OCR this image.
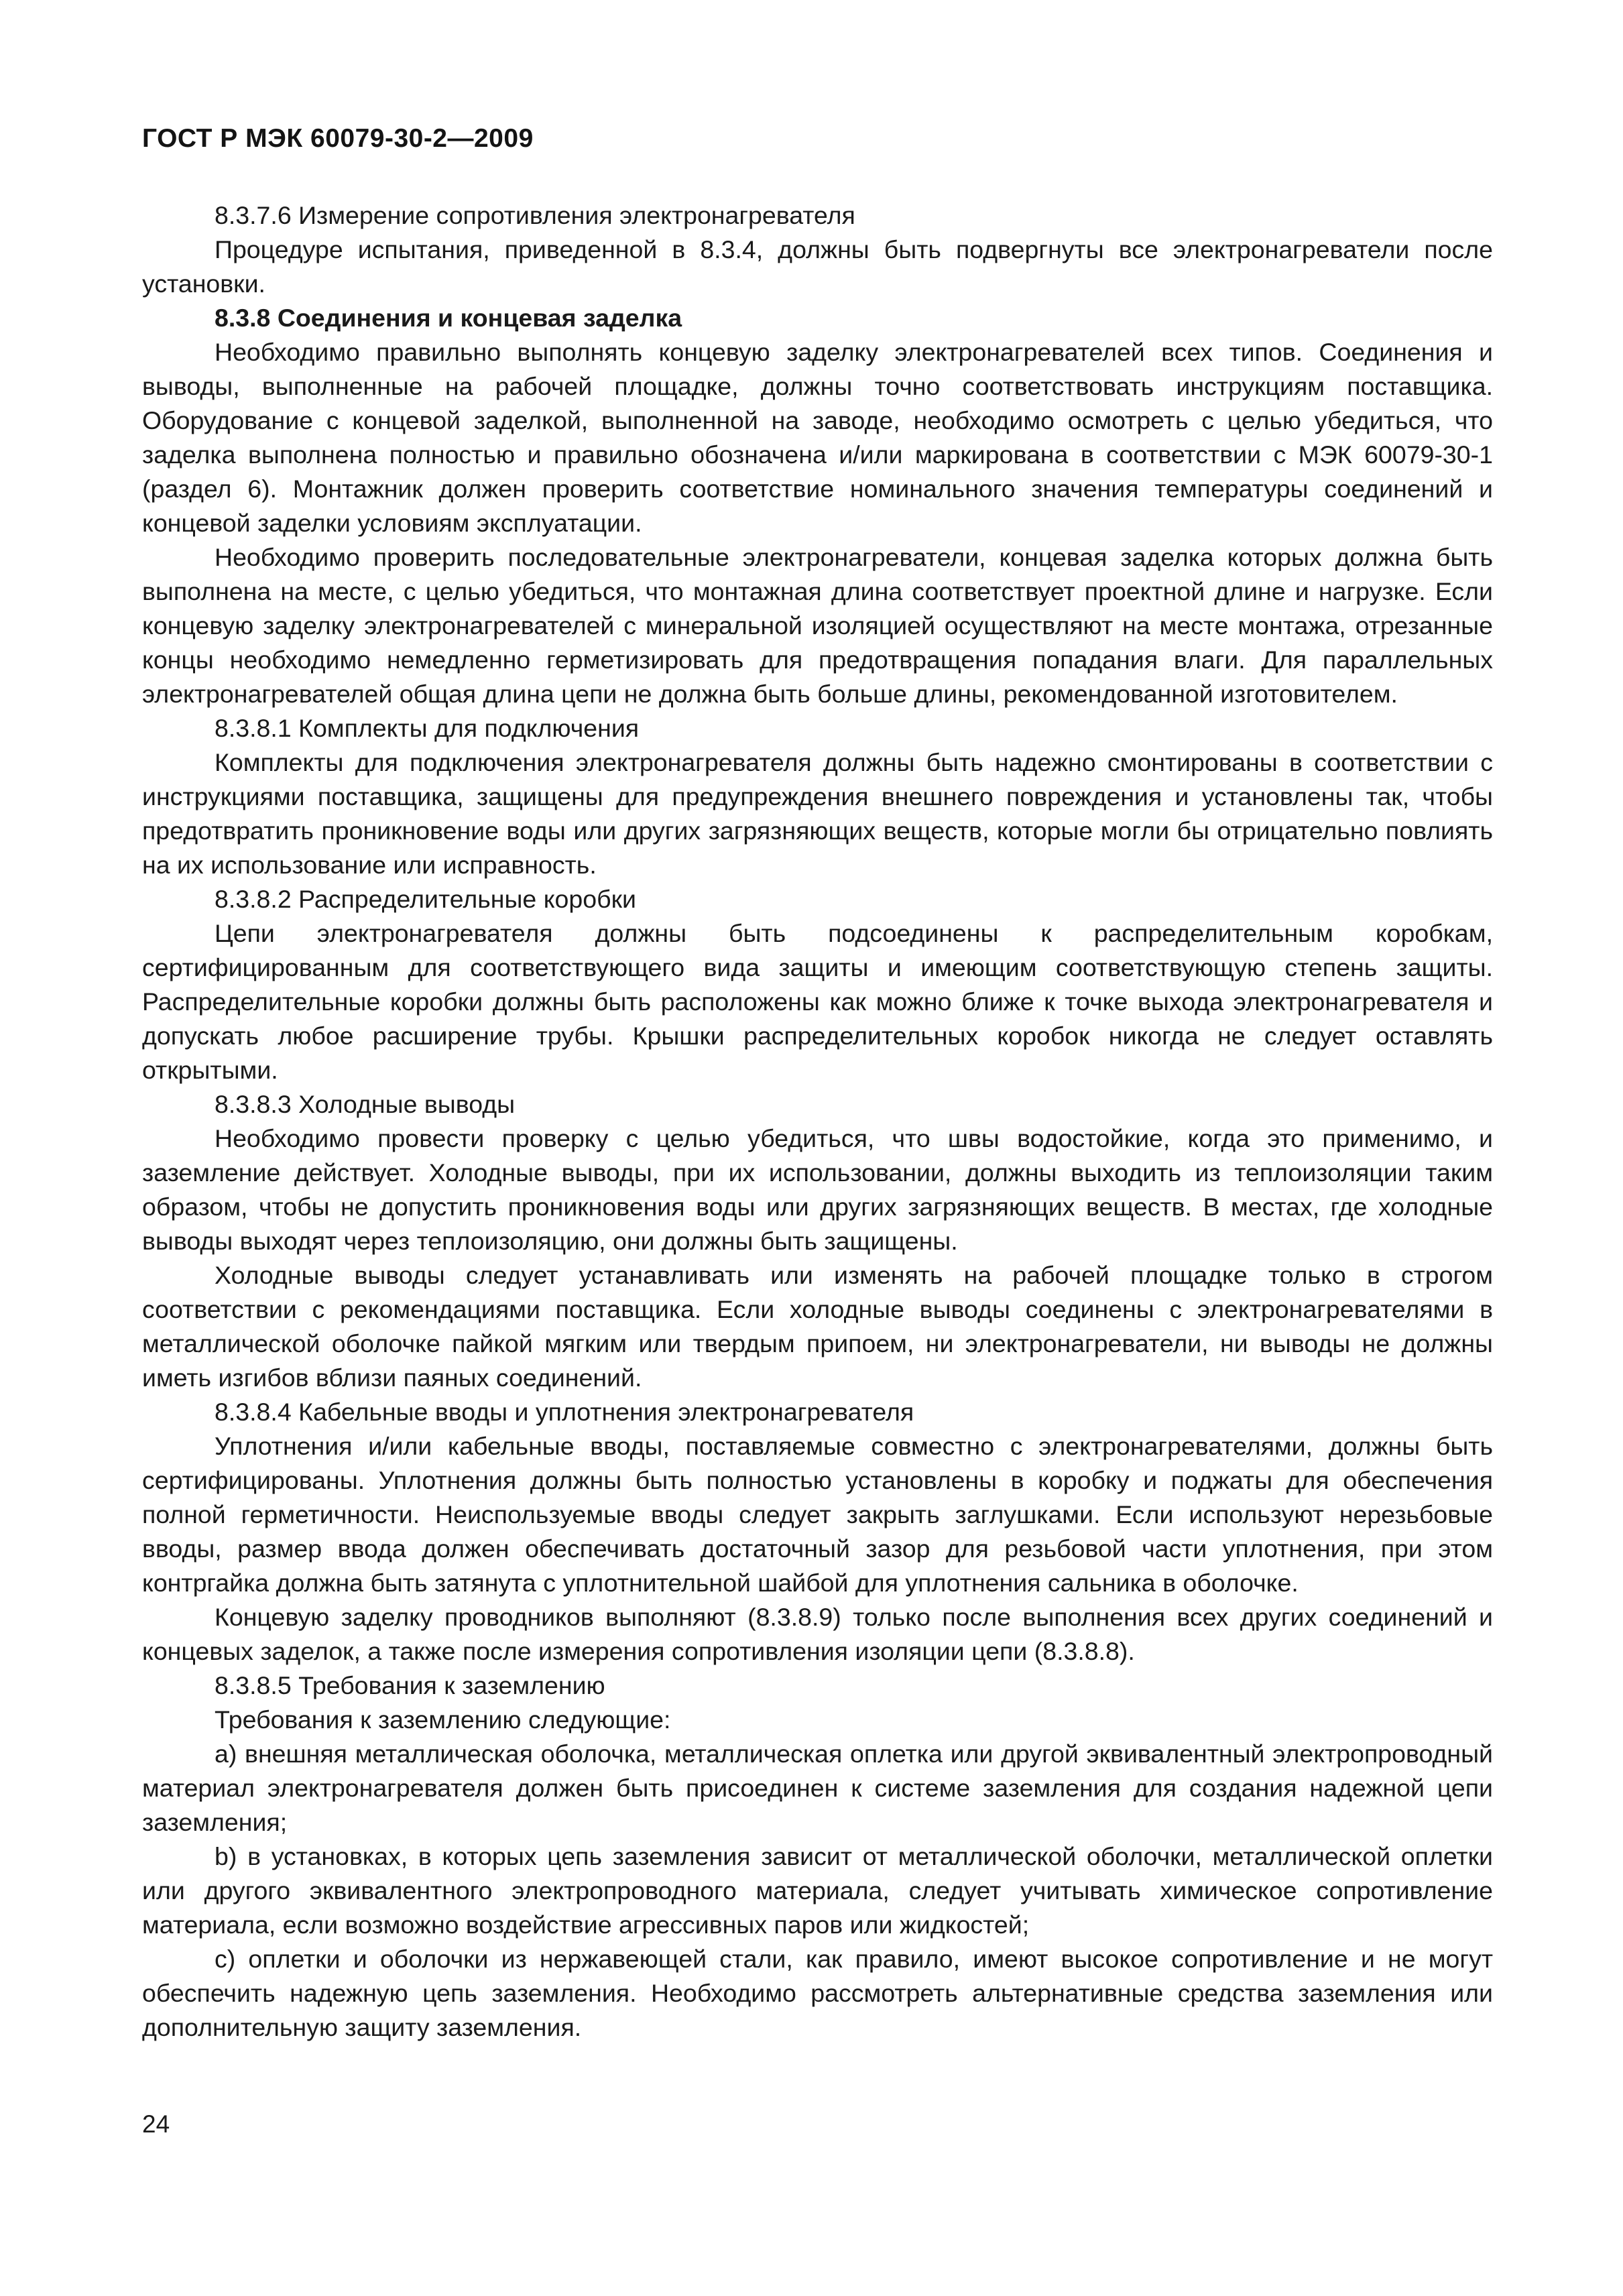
ГОСТ Р МЭК 60079-30-2—2009

8.3.7.6 Измерение сопротивления электронагревателя

Процедуре испытания, приведенной в 8.3.4, должны быть подвергнуты все электронагреватели после установки.

8.3.8 Соединения и концевая заделка

Необходимо правильно выполнять концевую заделку электронагревателей всех типов. Соединения и выводы, выполненные на рабочей площадке, должны точно соответствовать инструкциям поставщика. Оборудование с концевой заделкой, выполненной на заводе, необходимо осмотреть с целью убедиться, что заделка выполнена полностью и правильно обозначена и/или маркирована в соответствии с МЭК 60079-30-1 (раздел 6). Монтажник должен проверить соответствие номинального значения температуры соединений и концевой заделки условиям эксплуатации.

Необходимо проверить последовательные электронагреватели, концевая заделка которых должна быть выполнена на месте, с целью убедиться, что монтажная длина соответствует проектной длине и нагрузке. Если концевую заделку электронагревателей с минеральной изоляцией осуществляют на месте монтажа, отрезанные концы необходимо немедленно герметизировать для предотвращения попадания влаги. Для параллельных электронагревателей общая длина цепи не должна быть больше длины, рекомендованной изготовителем.

8.3.8.1 Комплекты для подключения

Комплекты для подключения электронагревателя должны быть надежно смонтированы в соответствии с инструкциями поставщика, защищены для предупреждения внешнего повреждения и установлены так, чтобы предотвратить проникновение воды или других загрязняющих веществ, которые могли бы отрицательно повлиять на их использование или исправность.

8.3.8.2 Распределительные коробки

Цепи электронагревателя должны быть подсоединены к распределительным коробкам, сертифицированным для соответствующего вида защиты и имеющим соответствующую степень защиты. Распределительные коробки должны быть расположены как можно ближе к точке выхода электронагревателя и допускать любое расширение трубы. Крышки распределительных коробок никогда не следует оставлять открытыми.

8.3.8.3 Холодные выводы

Необходимо провести проверку с целью убедиться, что швы водостойкие, когда это применимо, и заземление действует. Холодные выводы, при их использовании, должны выходить из теплоизоляции таким образом, чтобы не допустить проникновения воды или других загрязняющих веществ. В местах, где холодные выводы выходят через теплоизоляцию, они должны быть защищены.

Холодные выводы следует устанавливать или изменять на рабочей площадке только в строгом соответствии с рекомендациями поставщика. Если холодные выводы соединены с электронагревателями в металлической оболочке пайкой мягким или твердым припоем, ни электронагреватели, ни выводы не должны иметь изгибов вблизи паяных соединений.

8.3.8.4 Кабельные вводы и уплотнения электронагревателя

Уплотнения и/или кабельные вводы, поставляемые совместно с электронагревателями, должны быть сертифицированы. Уплотнения должны быть полностью установлены в коробку и поджаты для обеспечения полной герметичности. Неиспользуемые вводы следует закрыть заглушками. Если используют нерезьбовые вводы, размер ввода должен обеспечивать достаточный зазор для резьбовой части уплотнения, при этом контргайка должна быть затянута с уплотнительной шайбой для уплотнения сальника в оболочке.

Концевую заделку проводников выполняют (8.3.8.9) только после выполнения всех других соединений и концевых заделок, а также после измерения сопротивления изоляции цепи (8.3.8.8).

8.3.8.5 Требования к заземлению

Требования к заземлению следующие:

а) внешняя металлическая оболочка, металлическая оплетка или другой эквивалентный электропроводный материал электронагревателя должен быть присоединен к системе заземления для создания надежной цепи заземления;

b) в установках, в которых цепь заземления зависит от металлической оболочки, металлической оплетки или другого эквивалентного электропроводного материала, следует учитывать химическое сопротивление материала, если возможно воздействие агрессивных паров или жидкостей;

с) оплетки и оболочки из нержавеющей стали, как правило, имеют высокое сопротивление и не могут обеспечить надежную цепь заземления. Необходимо рассмотреть альтернативные средства заземления или дополнительную защиту заземления.

24
